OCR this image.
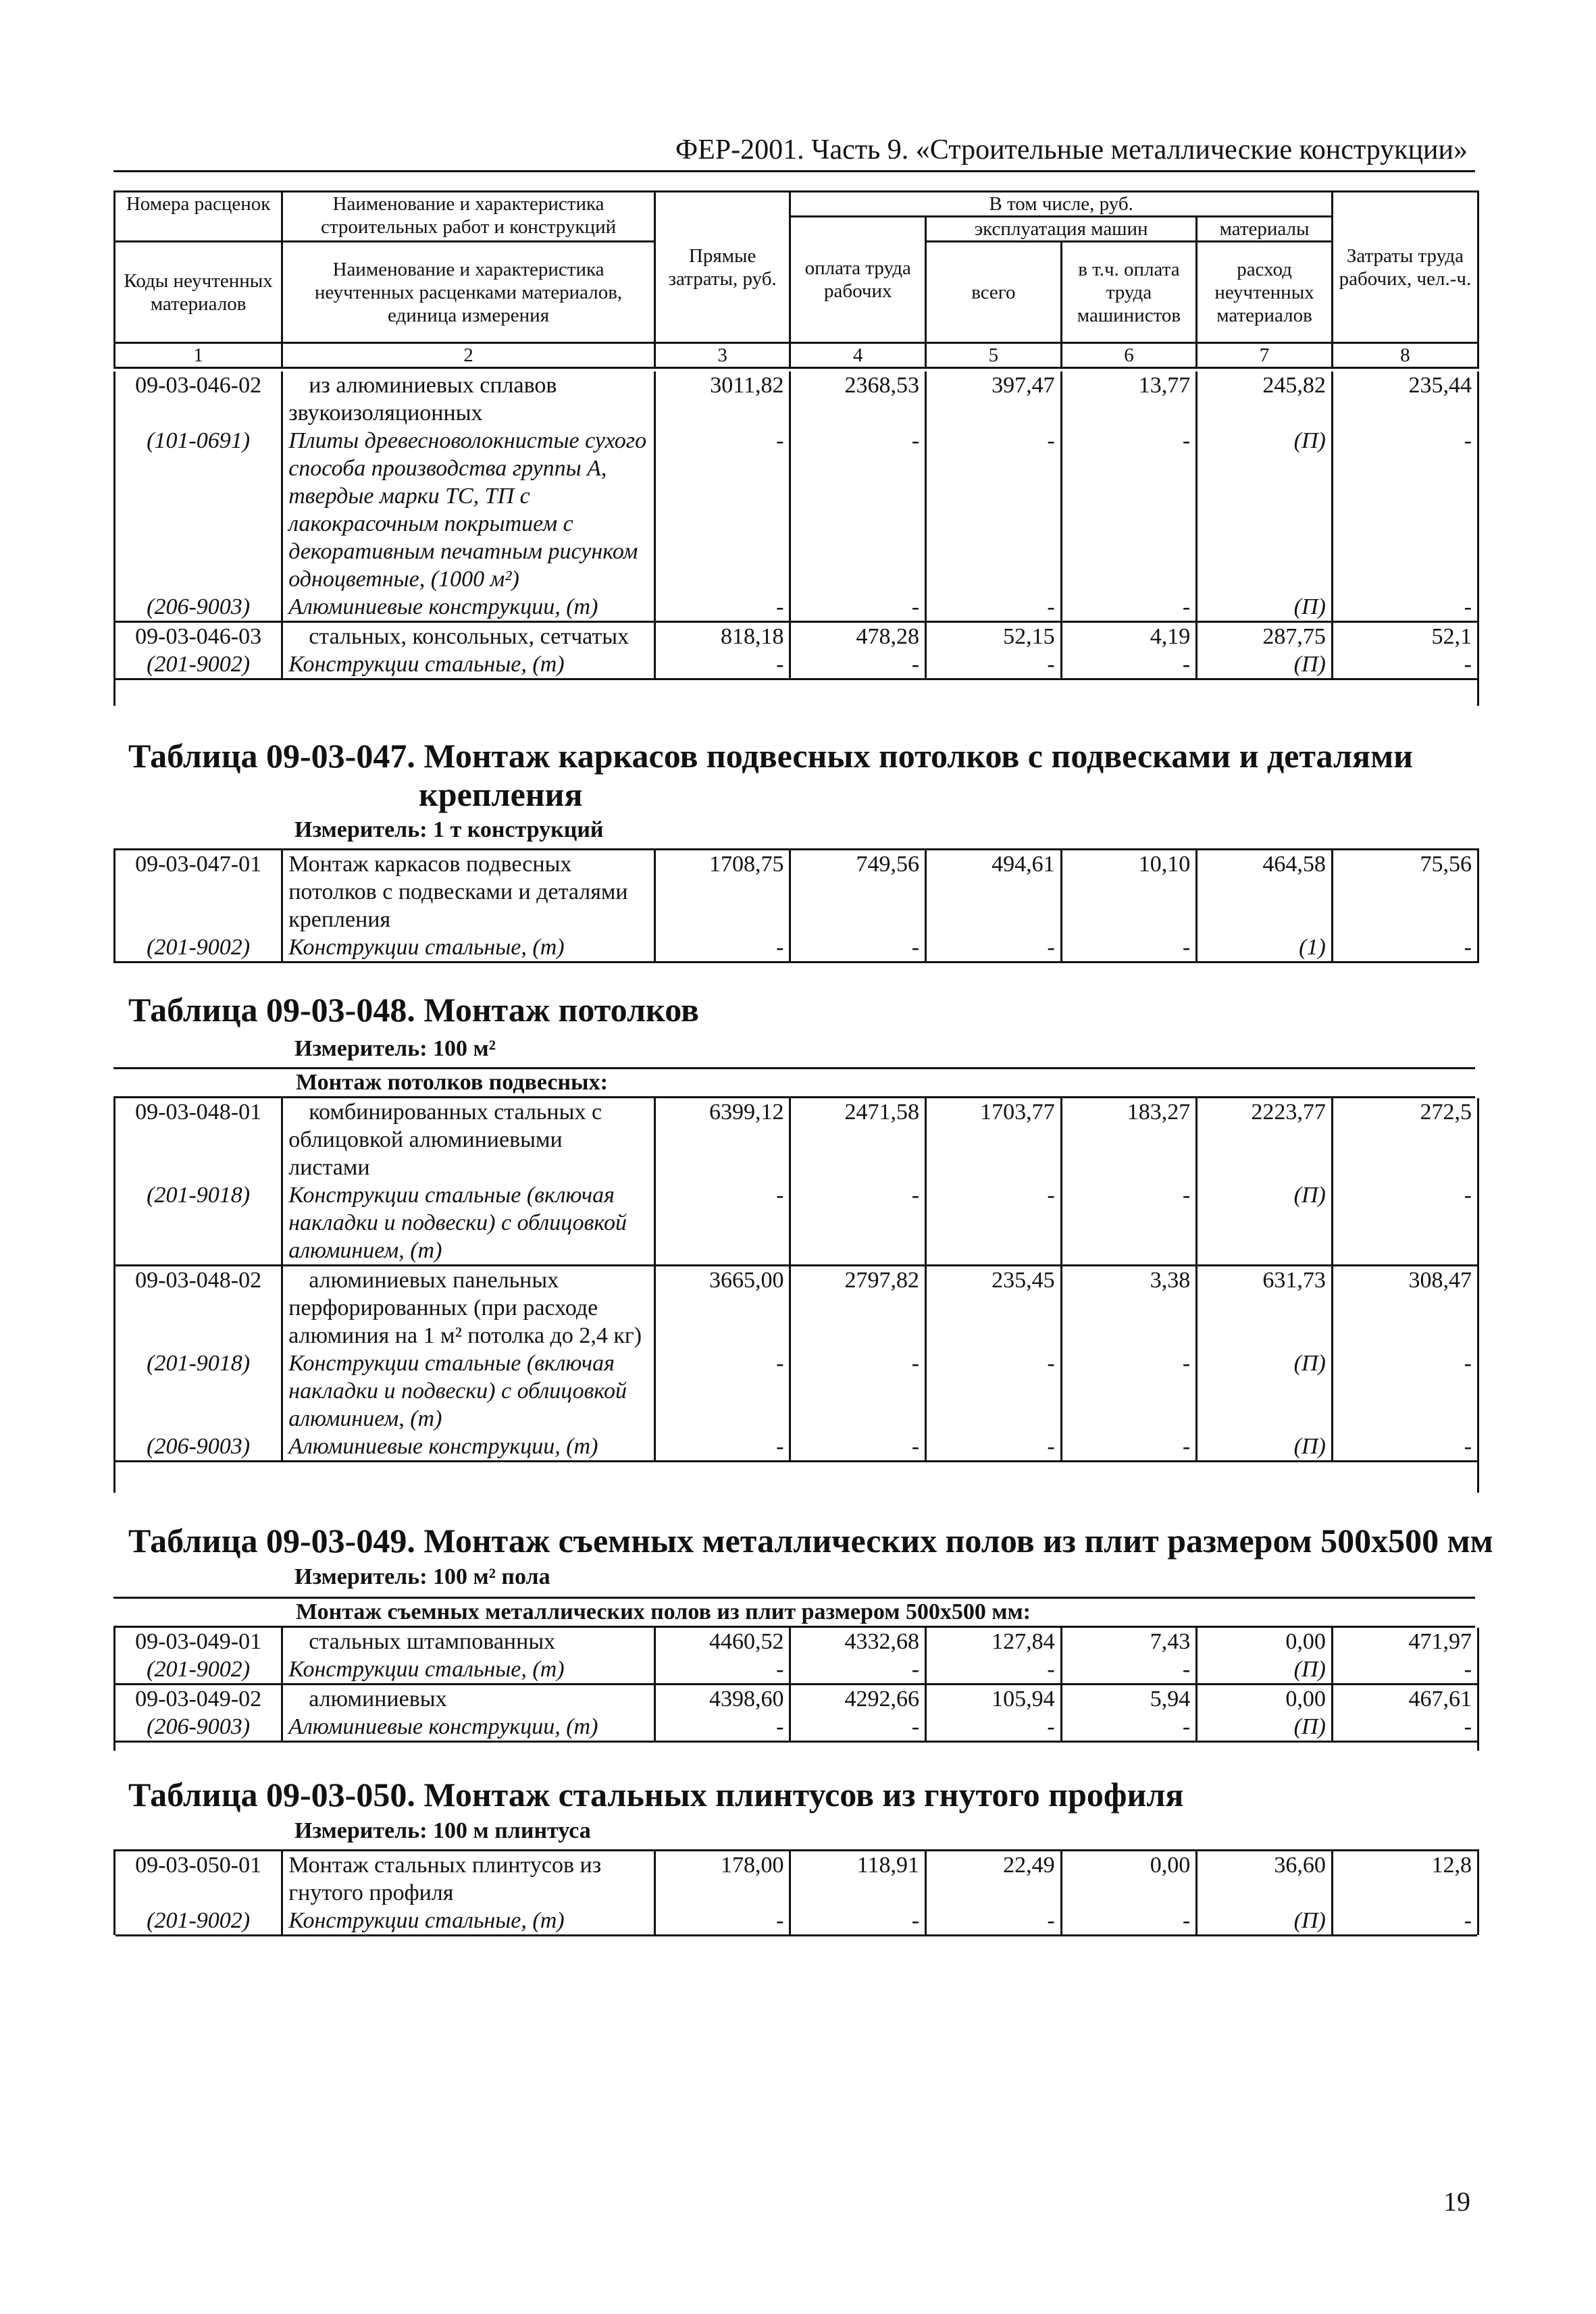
ФЕР-2001. Часть 9. «Строительные металлические конструкции»
Номера расценок	Наименование и характеристика строительных работ и конструкций	Прямые затраты, руб.	В том числе, руб.				Затраты труда рабочих, чел.-ч.
			оплата труда рабочих	эксплуатация машин		материалы	
Коды неучтенных материалов	Наименование и характеристика неучтенных расценками материалов, единица измерения			всего	в т.ч. оплата труда машинистов	расход неучтенных материалов	
1	2	3	4	5	6	7	8
09-03-046-02	из алюминиевых сплавов звукоизоляционных	3011,82	2368,53	397,47	13,77	245,82	235,44
(101-0691)	Плиты древесноволокнистые сухого способа производства группы А, твердые марки ТС, ТП с лакокрасочным покрытием с декоративным печатным рисунком одноцветные, (1000 м²)	-	-	-	-	(П)	-
(206-9003)	Алюминиевые конструкции, (т)	-	-	-	-	(П)	-
09-03-046-03	стальных, консольных, сетчатых	818,18	478,28	52,15	4,19	287,75	52,1
(201-9002)	Конструкции стальные, (т)	-	-	-	-	(П)	-
Таблица 09-03-047. Монтаж каркасов подвесных потолков с подвесками и деталями
крепления
Измеритель: 1 т конструкций
09-03-047-01	Монтаж каркасов подвесных потолков с подвесками и деталями крепления	1708,75	749,56	494,61	10,10	464,58	75,56
(201-9002)	Конструкции стальные, (т)	-	-	-	-	(1)	-
Таблица 09-03-048. Монтаж потолков
Измеритель: 100 м²
Монтаж потолков подвесных:
09-03-048-01	комбинированных стальных с облицовкой алюминиевыми листами	6399,12	2471,58	1703,77	183,27	2223,77	272,5
(201-9018)	Конструкции стальные (включая накладки и подвески) с облицовкой алюминием, (т)	-	-	-	-	(П)	-
09-03-048-02	алюминиевых панельных перфорированных (при расходе алюминия на 1 м² потолка до 2,4 кг)	3665,00	2797,82	235,45	3,38	631,73	308,47
(201-9018)	Конструкции стальные (включая накладки и подвески) с облицовкой алюминием, (т)	-	-	-	-	(П)	-
(206-9003)	Алюминиевые конструкции, (т)	-	-	-	-	(П)	-
Таблица 09-03-049. Монтаж съемных металлических полов из плит размером 500х500 мм
Измеритель: 100 м² пола
Монтаж съемных металлических полов из плит размером 500х500 мм:
09-03-049-01	стальных штампованных	4460,52	4332,68	127,84	7,43	0,00	471,97
(201-9002)	Конструкции стальные, (т)	-	-	-	-	(П)	-
09-03-049-02	алюминиевых	4398,60	4292,66	105,94	5,94	0,00	467,61
(206-9003)	Алюминиевые конструкции, (т)	-	-	-	-	(П)	-
Таблица 09-03-050. Монтаж стальных плинтусов из гнутого профиля
Измеритель: 100 м плинтуса
09-03-050-01	Монтаж стальных плинтусов из гнутого профиля	178,00	118,91	22,49	0,00	36,60	12,8
(201-9002)	Конструкции стальные, (т)	-	-	-	-	(П)	-
19
